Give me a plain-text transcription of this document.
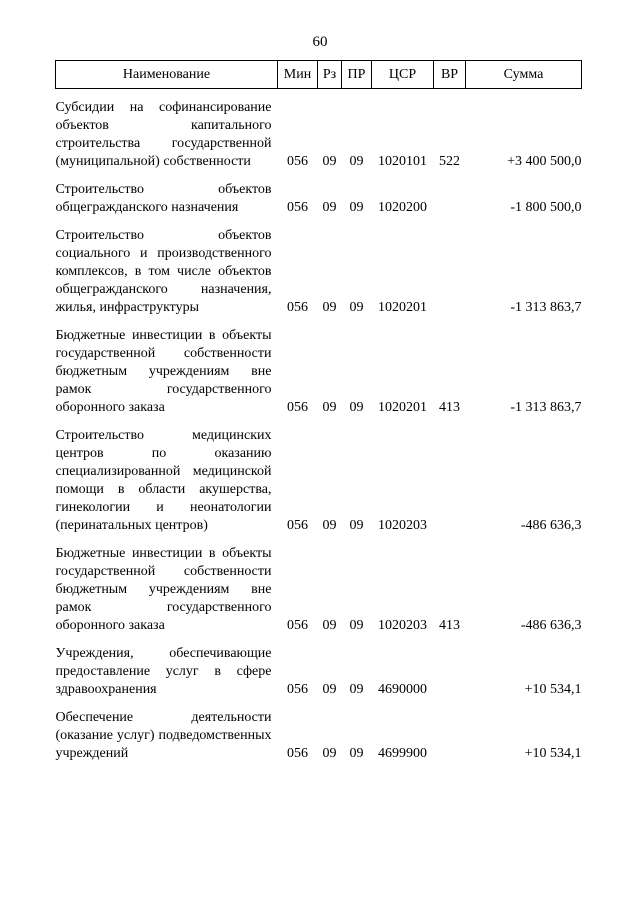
60
Наименование	Мин	Рз	ПР	ЦСР	ВР	Сумма

Субсидии на софинансирование объектов капитального строительства государственной (муниципальной) собственности	056	09	09	1020101	522	+3 400 500,0

Строительство объектов общегражданского назначения	056	09	09	1020200		-1 800 500,0

Строительство объектов социального и производственного комплексов, в том числе объектов общегражданского назначения, жилья, инфраструктуры	056	09	09	1020201		-1 313 863,7

Бюджетные инвестиции в объекты государственной собственности бюджетным учреждениям вне рамок государственного оборонного заказа	056	09	09	1020201	413	-1 313 863,7

Строительство медицинских центров по оказанию специализированной медицинской помощи в области акушерства, гинекологии и неонатологии (перинатальных центров)	056	09	09	1020203		-486 636,3

Бюджетные инвестиции в объекты государственной собственности бюджетным учреждениям вне рамок государственного оборонного заказа	056	09	09	1020203	413	-486 636,3

Учреждения, обеспечивающие предоставление услуг в сфере здравоохранения	056	09	09	4690000		+10 534,1

Обеспечение деятельности (оказание услуг) подведомственных учреждений	056	09	09	4699900		+10 534,1
